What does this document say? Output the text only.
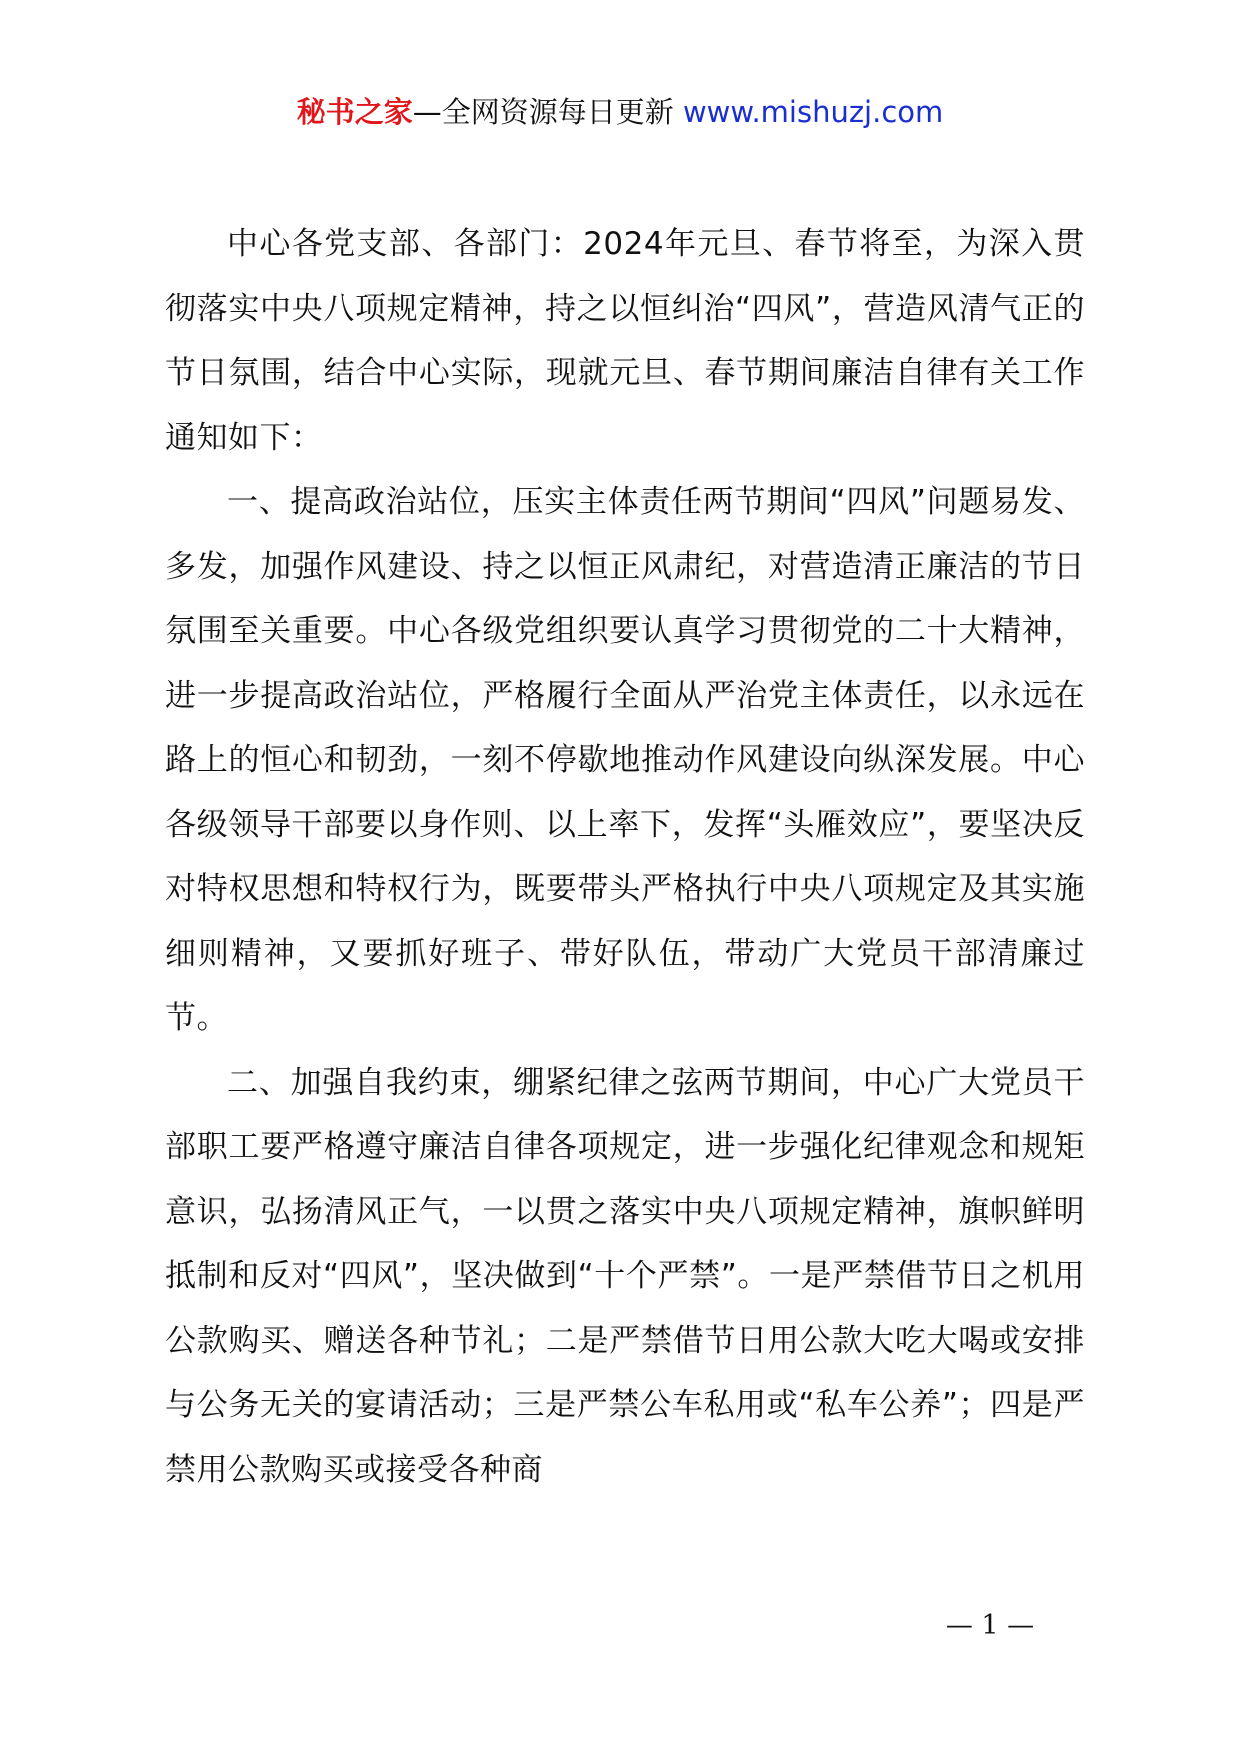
秘书之家—全网资源每日更新 www.mishuzj.com

中心各党支部、各部门：2024年元旦、春节将至，为深入贯彻落实中央八项规定精神，持之以恒纠治“四风”，营造风清气正的节日氛围，结合中心实际，现就元旦、春节期间廉洁自律有关工作通知如下：

一、提高政治站位，压实主体责任两节期间“四风”问题易发、多发，加强作风建设、持之以恒正风肃纪，对营造清正廉洁的节日氛围至关重要。中心各级党组织要认真学习贯彻党的二十大精神，进一步提高政治站位，严格履行全面从严治党主体责任，以永远在路上的恒心和韧劲，一刻不停歇地推动作风建设向纵深发展。中心各级领导干部要以身作则、以上率下，发挥“头雁效应”，要坚决反对特权思想和特权行为，既要带头严格执行中央八项规定及其实施细则精神，又要抓好班子、带好队伍，带动广大党员干部清廉过节。

二、加强自我约束，绷紧纪律之弦两节期间，中心广大党员干部职工要严格遵守廉洁自律各项规定，进一步强化纪律观念和规矩意识，弘扬清风正气，一以贯之落实中央八项规定精神，旗帜鲜明抵制和反对“四风”，坚决做到“十个严禁”。一是严禁借节日之机用公款购买、赠送各种节礼；二是严禁借节日用公款大吃大喝或安排与公务无关的宴请活动；三是严禁公车私用或“私车公养”；四是严禁用公款购买或接受各种商

— 1 —
